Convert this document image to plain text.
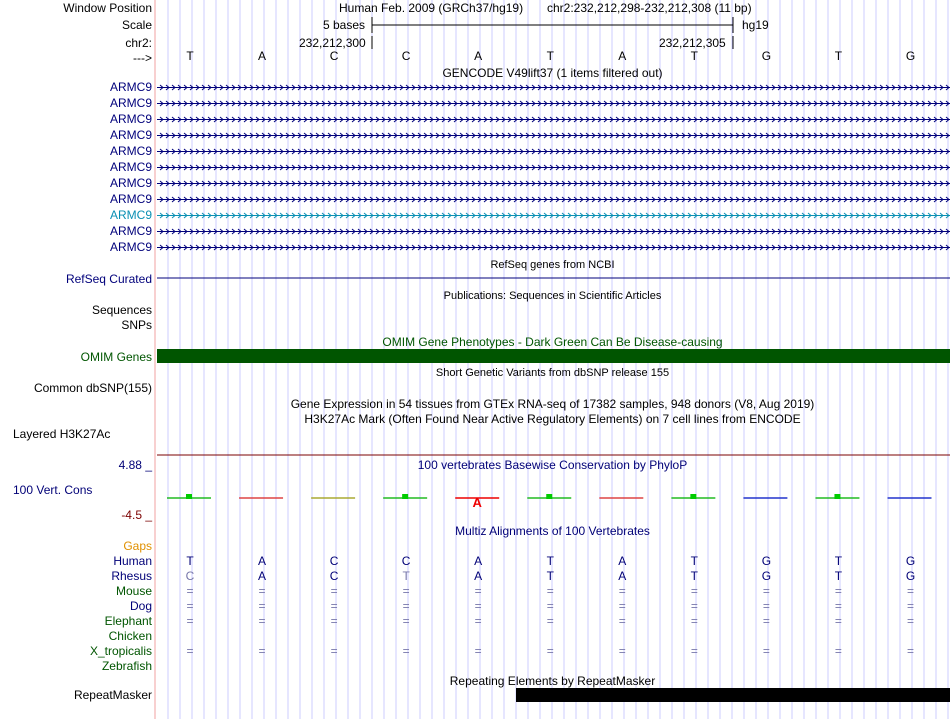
A
Window Position
Scale
chr2:
--->
Human Feb. 2009 (GRCh37/hg19) chr2:232,212,298-232,212,308 (11 bp)
5 bases	hg19
232,212,300	232,212,305
T	A	C	C	A	T	A	T	G	T	G
GENCODE V49lift37 (1 items filtered out)
ARMC9
ARMC9
ARMC9
ARMC9
ARMC9
ARMC9
ARMC9
ARMC9
ARMC9
ARMC9
ARMC9
RefSeq genes from NCBI
RefSeq Curated
Publications: Sequences in Scientific Articles
Sequences
SNPs
OMIM Gene Phenotypes - Dark Green Can Be Disease-causing
OMIM Genes
Short Genetic Variants from dbSNP release 155
Common dbSNP(155)
Gene Expression in 54 tissues from GTEx RNA-seq of 17382 samples, 948 donors (V8, Aug 2019)
H3K27Ac Mark (Often Found Near Active Regulatory Elements) on 7 cell lines from ENCODE
Layered H3K27Ac
100 vertebrates Basewise Conservation by PhyloP
4.88 _
100 Vert. Cons
-4.5 _
Multiz Alignments of 100 Vertebrates
Gaps
Human	T	A	C	C	A	T	A	T	G	T	G
Rhesus	C	A	C	T	A	T	A	T	G	T	G
Mouse	=	=	=	=	=	=	=	=	=	=	=
Dog	=	=	=	=	=	=	=	=	=	=	=
Elephant	=	=	=	=	=	=	=	=	=	=	=
Chicken
X_tropicalis	=	=	=	=	=	=	=	=	=	=	=
Zebrafish
Repeating Elements by RepeatMasker
RepeatMasker
